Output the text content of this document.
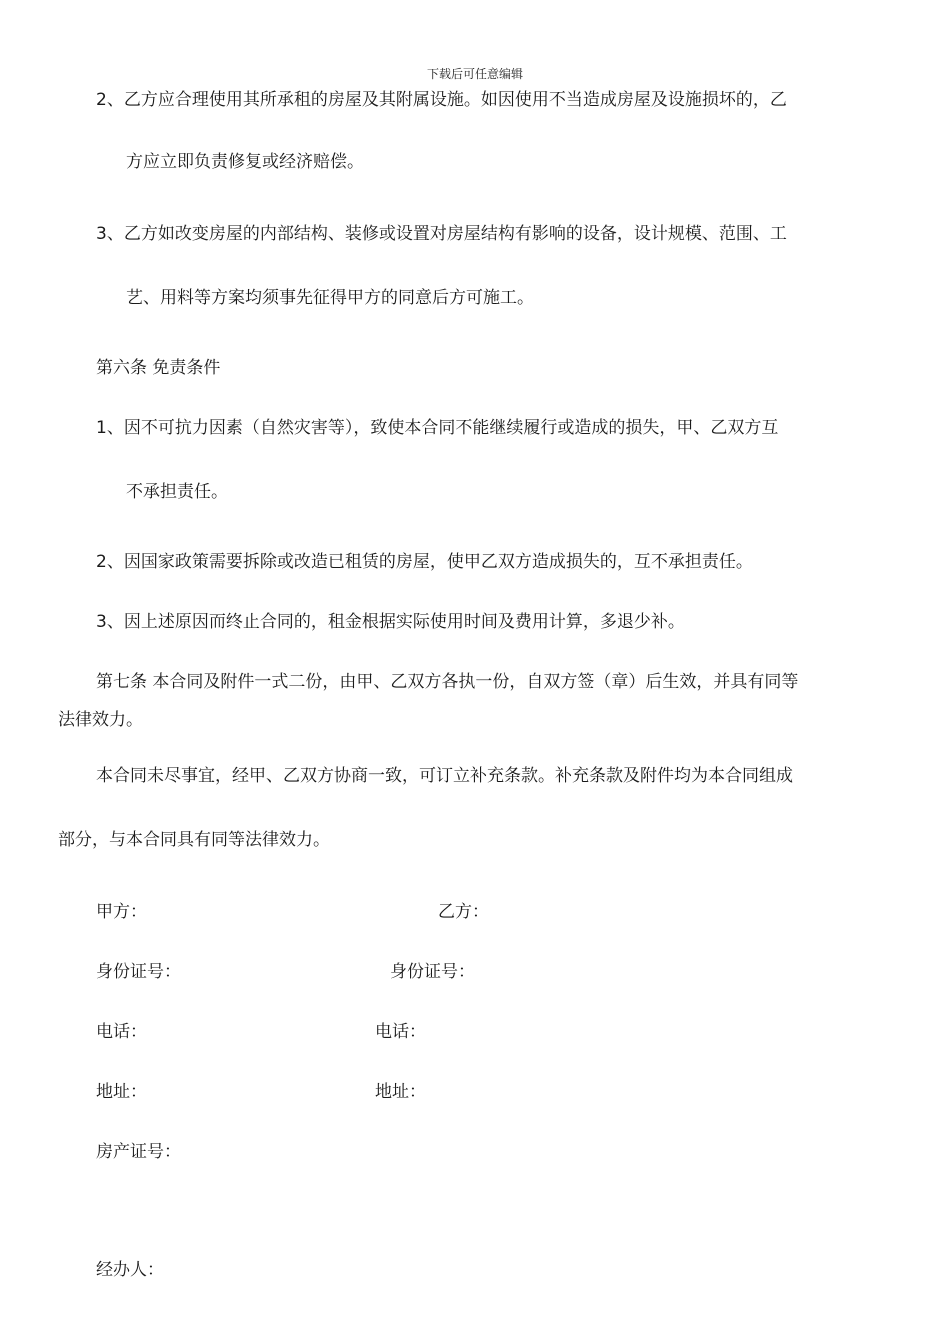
下载后可任意编辑
2、乙方应合理使用其所承租的房屋及其附属设施。如因使用不当造成房屋及设施损坏的，乙
方应立即负责修复或经济赔偿。
3、乙方如改变房屋的内部结构、装修或设置对房屋结构有影响的设备，设计规模、范围、工
艺、用料等方案均须事先征得甲方的同意后方可施工。
第六条 免责条件
1、因不可抗力因素（自然灾害等），致使本合同不能继续履行或造成的损失，甲、乙双方互
不承担责任。
2、因国家政策需要拆除或改造已租赁的房屋，使甲乙双方造成损失的，互不承担责任。
3、因上述原因而终止合同的，租金根据实际使用时间及费用计算，多退少补。
第七条 本合同及附件一式二份，由甲、乙双方各执一份，自双方签（章）后生效，并具有同等
法律效力。
本合同未尽事宜，经甲、乙双方协商一致，可订立补充条款。补充条款及附件均为本合同组成
部分，与本合同具有同等法律效力。
甲方：	乙方：
身份证号：	身份证号：
电话：	电话：
地址：	地址：
房产证号：
经办人：
